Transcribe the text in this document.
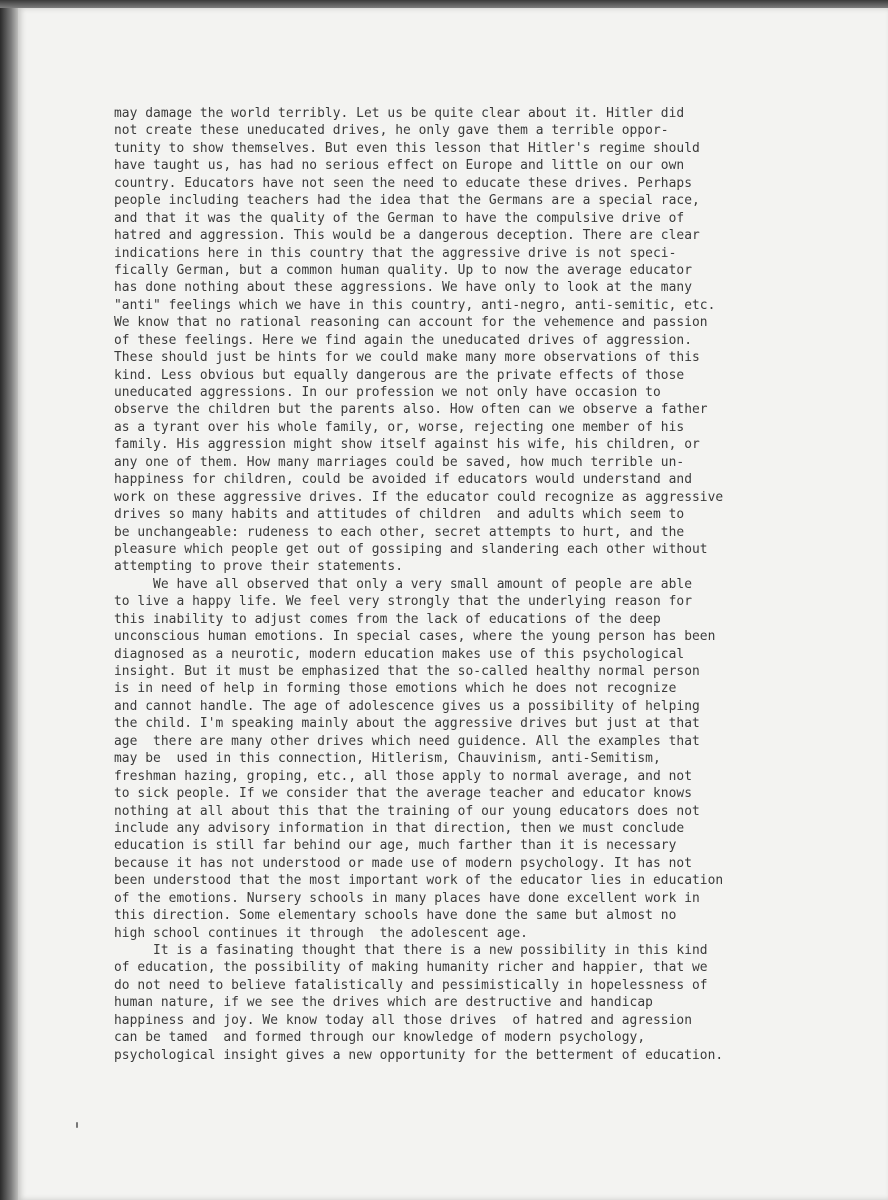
may damage the world terribly. Let us be quite clear about it. Hitler did
not create these uneducated drives, he only gave them a terrible oppor-
tunity to show themselves. But even this lesson that Hitler's regime should
have taught us, has had no serious effect on Europe and little on our own
country. Educators have not seen the need to educate these drives. Perhaps
people including teachers had the idea that the Germans are a special race,
and that it was the quality of the German to have the compulsive drive of
hatred and aggression. This would be a dangerous deception. There are clear
indications here in this country that the aggressive drive is not speci-
fically German, but a common human quality. Up to now the average educator
has done nothing about these aggressions. We have only to look at the many
"anti" feelings which we have in this country, anti-negro, anti-semitic, etc.
We know that no rational reasoning can account for the vehemence and passion
of these feelings. Here we find again the uneducated drives of aggression.
These should just be hints for we could make many more observations of this
kind. Less obvious but equally dangerous are the private effects of those
uneducated aggressions. In our profession we not only have occasion to
observe the children but the parents also. How often can we observe a father
as a tyrant over his whole family, or, worse, rejecting one member of his
family. His aggression might show itself against his wife, his children, or
any one of them. How many marriages could be saved, how much terrible un-
happiness for children, could be avoided if educators would understand and
work on these aggressive drives. If the educator could recognize as aggressive
drives so many habits and attitudes of children  and adults which seem to
be unchangeable: rudeness to each other, secret attempts to hurt, and the
pleasure which people get out of gossiping and slandering each other without
attempting to prove their statements.
We have all observed that only a very small amount of people are able
to live a happy life. We feel very strongly that the underlying reason for
this inability to adjust comes from the lack of educations of the deep
unconscious human emotions. In special cases, where the young person has been
diagnosed as a neurotic, modern education makes use of this psychological
insight. But it must be emphasized that the so-called healthy normal person
is in need of help in forming those emotions which he does not recognize
and cannot handle. The age of adolescence gives us a possibility of helping
the child. I'm speaking mainly about the aggressive drives but just at that
age  there are many other drives which need guidence. All the examples that
may be  used in this connection, Hitlerism, Chauvinism, anti-Semitism,
freshman hazing, groping, etc., all those apply to normal average, and not
to sick people. If we consider that the average teacher and educator knows
nothing at all about this that the training of our young educators does not
include any advisory information in that direction, then we must conclude
education is still far behind our age, much farther than it is necessary
because it has not understood or made use of modern psychology. It has not
been understood that the most important work of the educator lies in education
of the emotions. Nursery schools in many places have done excellent work in
this direction. Some elementary schools have done the same but almost no
high school continues it through  the adolescent age.
It is a fasinating thought that there is a new possibility in this kind
of education, the possibility of making humanity richer and happier, that we
do not need to believe fatalistically and pessimistically in hopelessness of
human nature, if we see the drives which are destructive and handicap
happiness and joy. We know today all those drives  of hatred and agression
can be tamed  and formed through our knowledge of modern psychology,
psychological insight gives a new opportunity for the betterment of education.
